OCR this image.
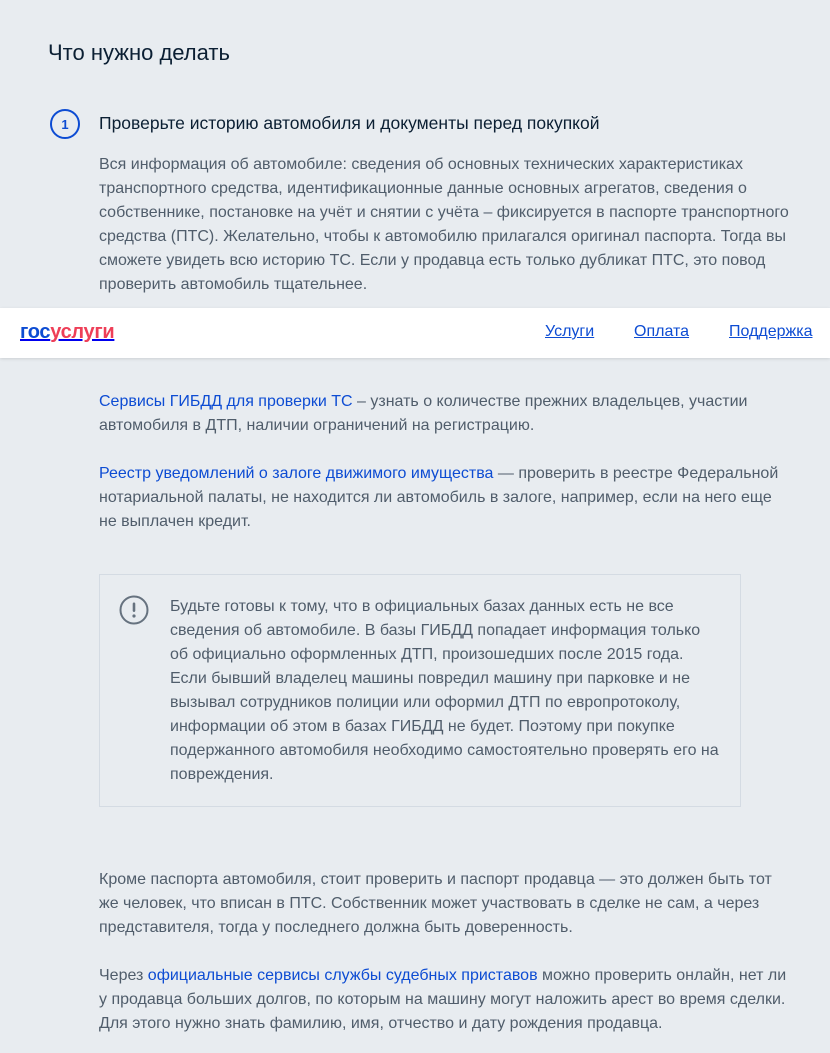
Что нужно делать
1	Проверьте историю автомобиля и документы перед покупкой

Вся информация об автомобиле: сведения об основных технических характеристиках транспортного средства, идентификационные данные основных агрегатов, сведения о собственнике, постановке на учёт и снятии с учёта – фиксируется в паспорте транспортного средства (ПТС). Желательно, чтобы к автомобилю прилагался оригинал паспорта. Тогда вы сможете увидеть всю историю ТС. Если у продавца есть только дубликат ПТС, это повод проверить автомобиль тщательнее.

Сервисы ГИБДД для проверки ТС – узнать о количестве прежних владельцев, участии автомобиля в ДТП, наличии ограничений на регистрацию.

Реестр уведомлений о залоге движимого имущества — проверить в реестре Федеральной нотариальной палаты, не находится ли автомобиль в залоге, например, если на него еще не выплачен кредит.

Будьте готовы к тому, что в официальных базах данных есть не все сведения об автомобиле. В базы ГИБДД попадает информация только об официально оформленных ДТП, произошедших после 2015 года. Если бывший владелец машины повредил машину при парковке и не вызывал сотрудников полиции или оформил ДТП по европротоколу, информации об этом в базах ГИБДД не будет. Поэтому при покупке подержанного автомобиля необходимо самостоятельно проверять его на повреждения.

Кроме паспорта автомобиля, стоит проверить и паспорт продавца — это должен быть тот же человек, что вписан в ПТС. Собственник может участвовать в сделке не сам, а через представителя, тогда у последнего должна быть доверенность.

Через официальные сервисы службы судебных приставов можно проверить онлайн, нет ли у продавца больших долгов, по которым на машину могут наложить арест во время сделки. Для этого нужно знать фамилию, имя, отчество и дату рождения продавца.

госуслуги	Услуги Оплата Поддержка
